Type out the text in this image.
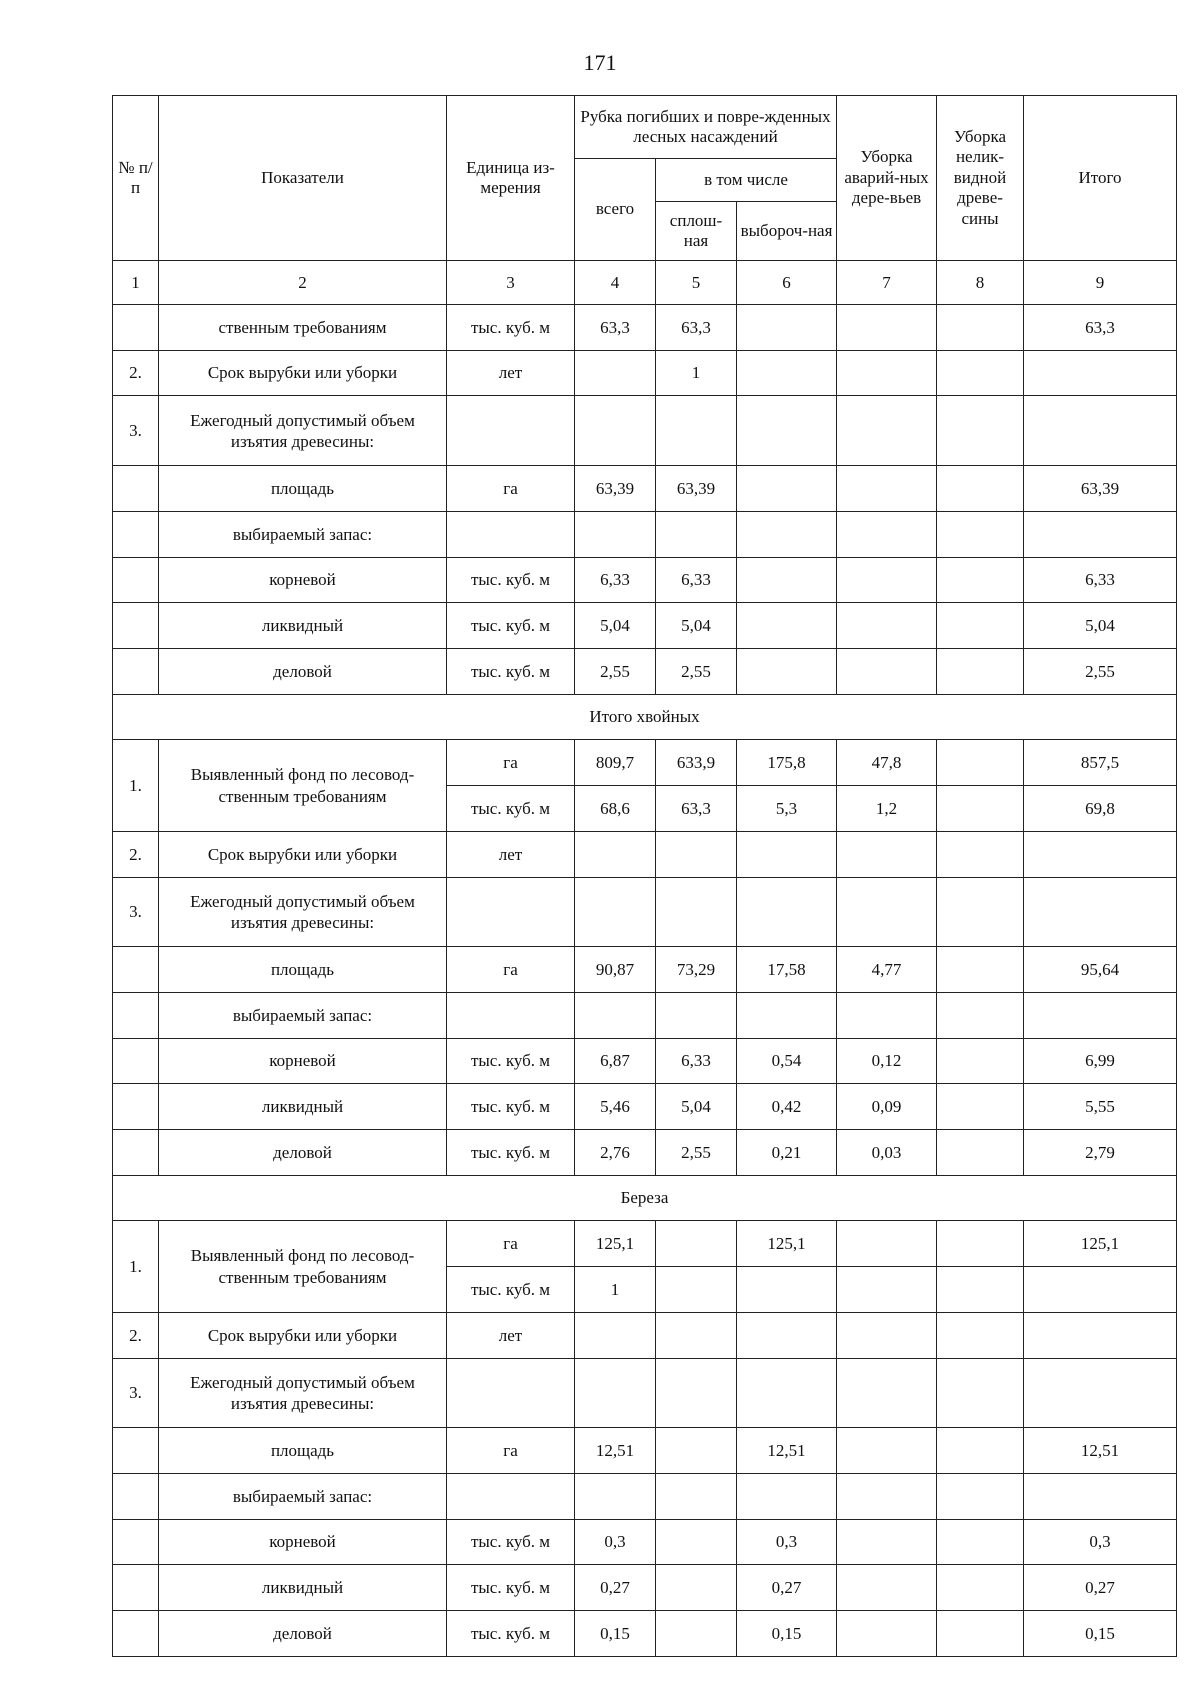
171
№ п/п	Показатели	Единица из-мерения	Рубка погибших и повре-жденных лесных насаждений			Уборка аварий-ных дере-вьев	Уборка нелик-видной древе-сины	Итого
			всего	в том числе				
				сплош-ная	выбороч-ная			
1	2	3	4	5	6	7	8	9
	ственным требованиям	тыс. куб. м	63,3	63,3				63,3
2.	Срок вырубки или уборки	лет		1				
3.	Ежегодный допустимый объем изъятия древесины:							
	площадь	га	63,39	63,39				63,39
	выбираемый запас:							
	корневой	тыс. куб. м	6,33	6,33				6,33
	ликвидный	тыс. куб. м	5,04	5,04				5,04
	деловой	тыс. куб. м	2,55	2,55				2,55
Итого хвойных								
1.	Выявленный фонд по лесовод-ственным требованиям	га	809,7	633,9	175,8	47,8		857,5
		тыс. куб. м	68,6	63,3	5,3	1,2		69,8
2.	Срок вырубки или уборки	лет						
3.	Ежегодный допустимый объем изъятия древесины:							
	площадь	га	90,87	73,29	17,58	4,77		95,64
	выбираемый запас:							
	корневой	тыс. куб. м	6,87	6,33	0,54	0,12		6,99
	ликвидный	тыс. куб. м	5,46	5,04	0,42	0,09		5,55
	деловой	тыс. куб. м	2,76	2,55	0,21	0,03		2,79
Береза								
1.	Выявленный фонд по лесовод-ственным требованиям	га	125,1		125,1			125,1
		тыс. куб. м	1					
2.	Срок вырубки или уборки	лет						
3.	Ежегодный допустимый объем изъятия древесины:							
	площадь	га	12,51		12,51			12,51
	выбираемый запас:							
	корневой	тыс. куб. м	0,3		0,3			0,3
	ликвидный	тыс. куб. м	0,27		0,27			0,27
	деловой	тыс. куб. м	0,15		0,15			0,15
